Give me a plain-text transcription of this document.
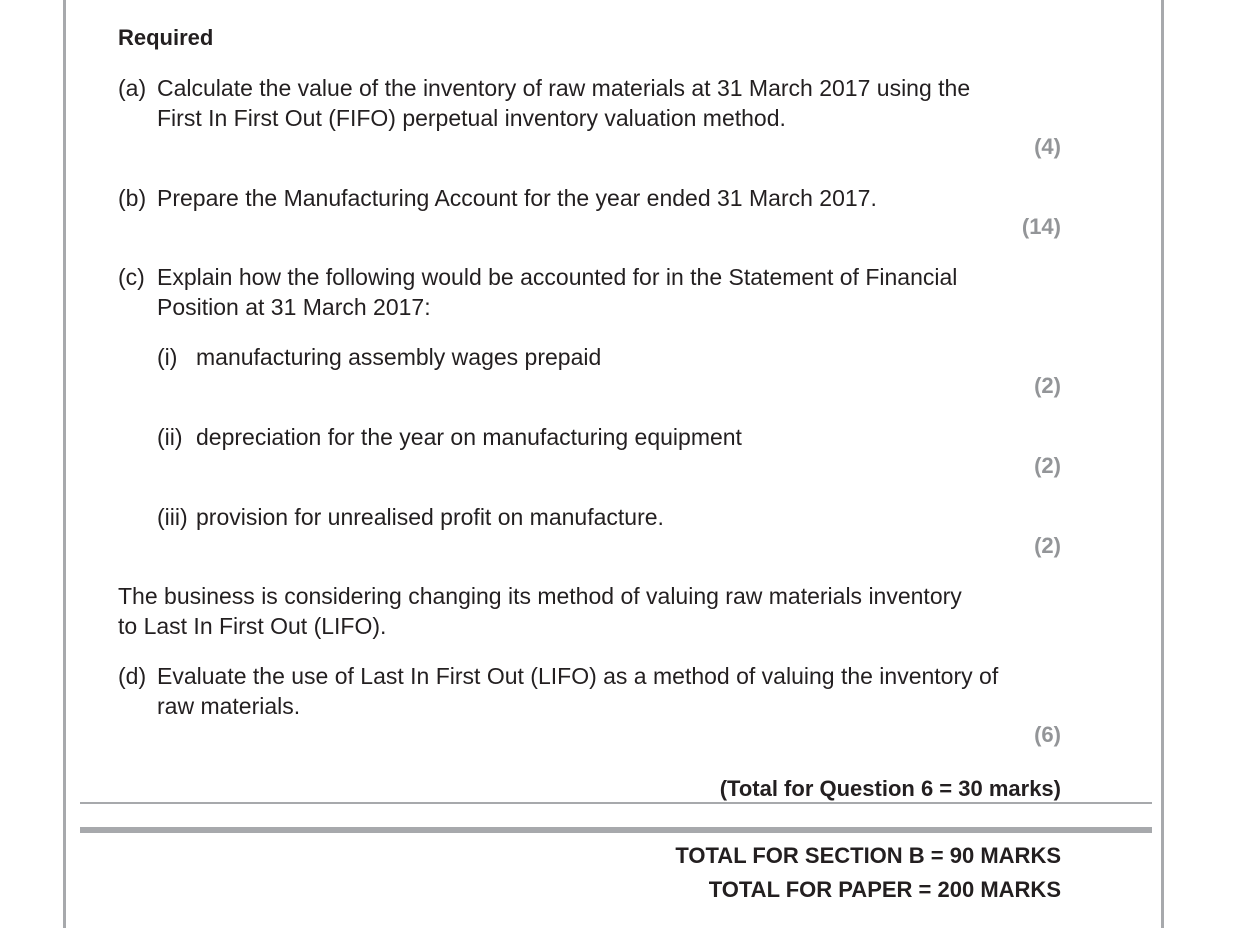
Required
(a) Calculate the value of the inventory of raw materials at 31 March 2017 using the
First In First Out (FIFO) perpetual inventory valuation method.
(4)
(b) Prepare the Manufacturing Account for the year ended 31 March 2017.
(14)
(c) Explain how the following would be accounted for in the Statement of Financial
Position at 31 March 2017:
(i) manufacturing assembly wages prepaid
(2)
(ii) depreciation for the year on manufacturing equipment
(2)
(iii) provision for unrealised profit on manufacture.
(2)
The business is considering changing its method of valuing raw materials inventory
to Last In First Out (LIFO).
(d) Evaluate the use of Last In First Out (LIFO) as a method of valuing the inventory of
raw materials.
(6)
(Total for Question 6 = 30 marks)
TOTAL FOR SECTION B = 90 MARKS
TOTAL FOR PAPER = 200 MARKS
